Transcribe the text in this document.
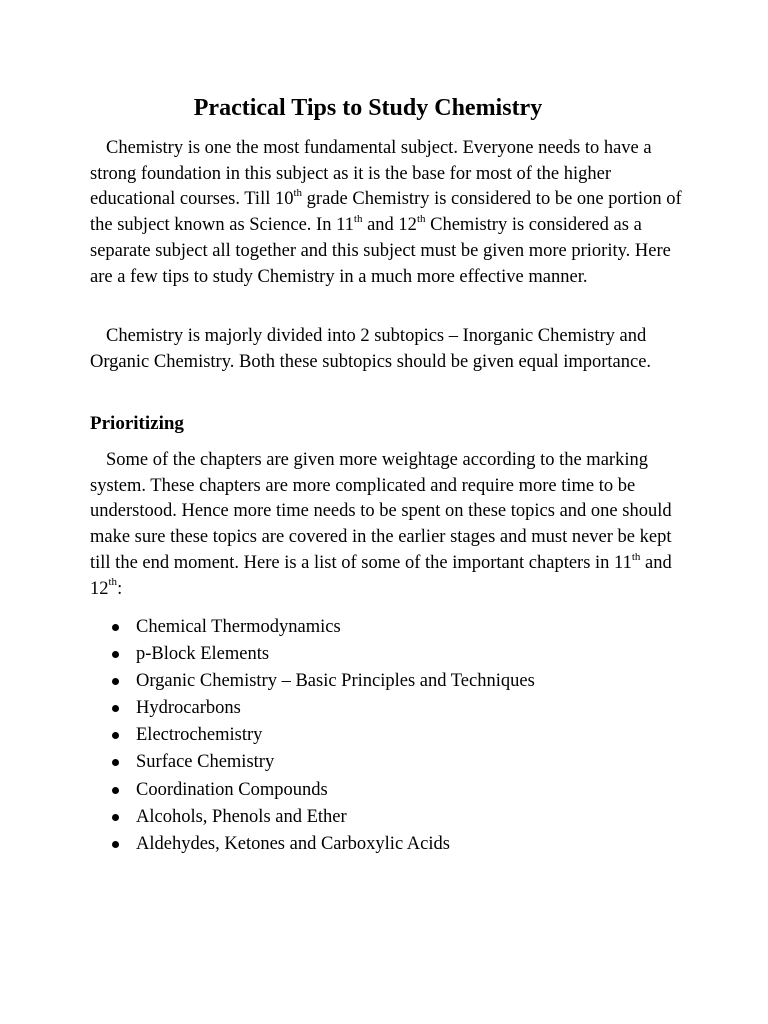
Practical Tips to Study Chemistry

Chemistry is one the most fundamental subject. Everyone needs to have a strong foundation in this subject as it is the base for most of the higher educational courses. Till 10th grade Chemistry is considered to be one portion of the subject known as Science. In 11th and 12th Chemistry is considered as a separate subject all together and this subject must be given more priority. Here are a few tips to study Chemistry in a much more effective manner.

Chemistry is majorly divided into 2 subtopics – Inorganic Chemistry and Organic Chemistry. Both these subtopics should be given equal importance.

Prioritizing

Some of the chapters are given more weightage according to the marking system. These chapters are more complicated and require more time to be understood. Hence more time needs to be spent on these topics and one should make sure these topics are covered in the earlier stages and must never be kept till the end moment. Here is a list of some of the important chapters in 11th and 12th:

Chemical Thermodynamics
p-Block Elements
Organic Chemistry – Basic Principles and Techniques
Hydrocarbons
Electrochemistry
Surface Chemistry
Coordination Compounds
Alcohols, Phenols and Ether
Aldehydes, Ketones and Carboxylic Acids
